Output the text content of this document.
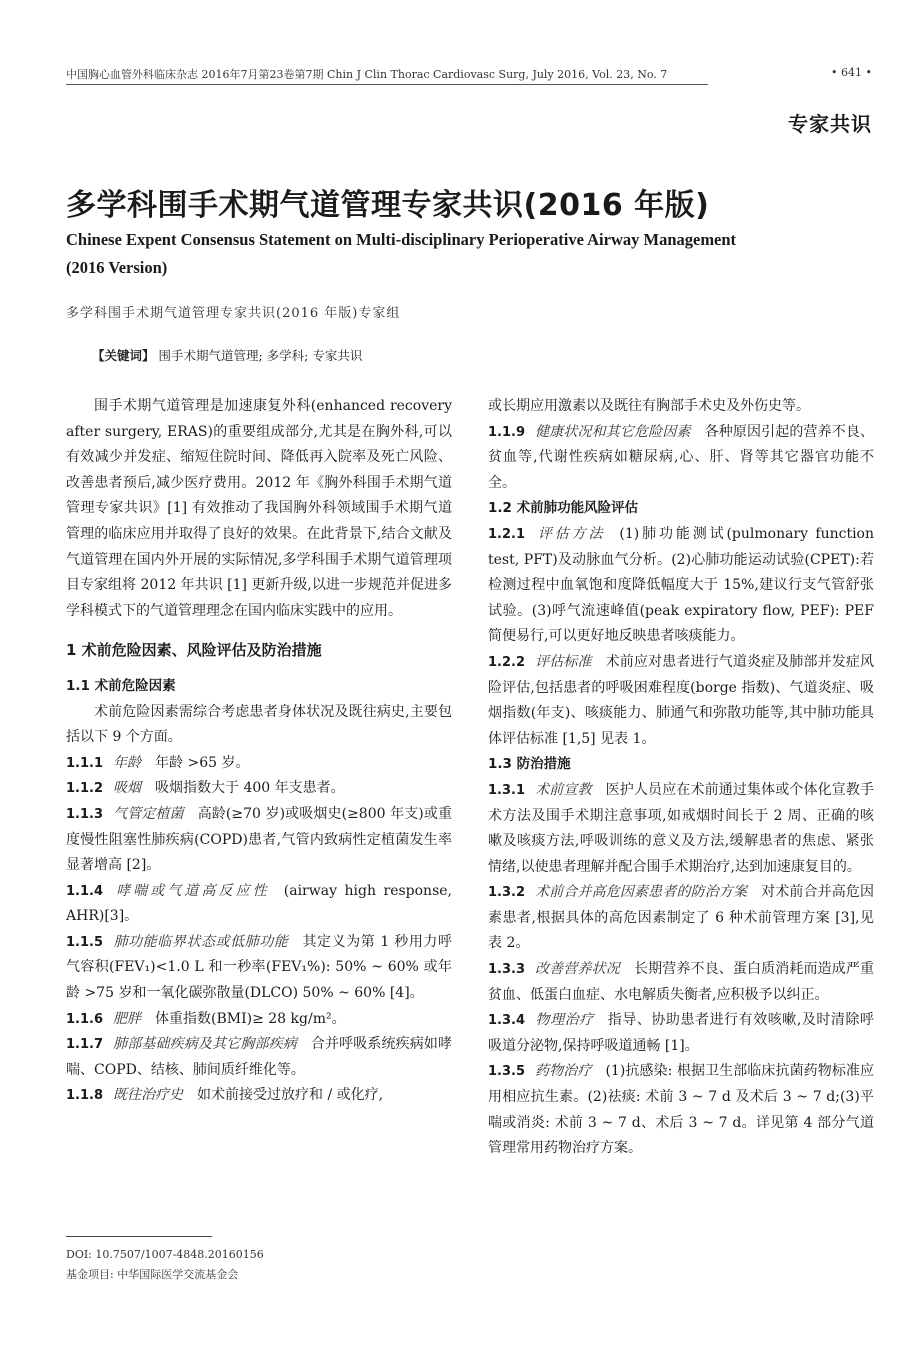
中国胸心血管外科临床杂志 2016年7月第23卷第7期 Chin J Clin Thorac Cardiovasc Surg, July 2016, Vol. 23, No. 7	• 641 •
专家共识
多学科围手术期气道管理专家共识(2016 年版)
Chinese Expent Consensus Statement on Multi-disciplinary Perioperative Airway Management (2016 Version)
多学科围手术期气道管理专家共识(2016 年版)专家组
【关键词】 围手术期气道管理; 多学科; 专家共识

围手术期气道管理是加速康复外科(enhanced recovery after surgery, ERAS)的重要组成部分,尤其是在胸外科,可以有效减少并发症、缩短住院时间、降低再入院率及死亡风险、改善患者预后,减少医疗费用。2012 年《胸外科围手术期气道管理专家共识》[1] 有效推动了我国胸外科领域围手术期气道管理的临床应用并取得了良好的效果。在此背景下,结合文献及气道管理在国内外开展的实际情况,多学科围手术期气道管理项目专家组将 2012 年共识 [1] 更新升级,以进一步规范并促进多学科模式下的气道管理理念在国内临床实践中的应用。

1 术前危险因素、风险评估及防治措施
1.1 术前危险因素

术前危险因素需综合考虑患者身体状况及既往病史,主要包括以下 9 个方面。

1.1.1 年龄 年龄 >65 岁。

1.1.2 吸烟 吸烟指数大于 400 年支患者。

1.1.3 气管定植菌 高龄(≥70 岁)或吸烟史(≥800 年支)或重度慢性阻塞性肺疾病(COPD)患者,气管内致病性定植菌发生率显著增高 [2]。

1.1.4 哮喘或气道高反应性 (airway high response, AHR)[3]。

1.1.5 肺功能临界状态或低肺功能 其定义为第 1 秒用力呼气容积(FEV₁)<1.0 L 和一秒率(FEV₁%): 50% ~ 60% 或年龄 >75 岁和一氧化碳弥散量(DLCO) 50% ~ 60% [4]。

1.1.6 肥胖 体重指数(BMI)≥ 28 kg/m²。

1.1.7 肺部基础疾病及其它胸部疾病 合并呼吸系统疾病如哮喘、COPD、结核、肺间质纤维化等。

1.1.8 既往治疗史 如术前接受过放疗和 / 或化疗,

或长期应用激素以及既往有胸部手术史及外伤史等。

1.1.9 健康状况和其它危险因素 各种原因引起的营养不良、贫血等,代谢性疾病如糖尿病,心、肝、肾等其它器官功能不全。

1.2 术前肺功能风险评估

1.2.1 评估方法 (1)肺功能测试(pulmonary function test, PFT)及动脉血气分析。(2)心肺功能运动试验(CPET):若检测过程中血氧饱和度降低幅度大于 15%,建议行支气管舒张试验。(3)呼气流速峰值(peak expiratory flow, PEF): PEF 简便易行,可以更好地反映患者咳痰能力。

1.2.2 评估标准 术前应对患者进行气道炎症及肺部并发症风险评估,包括患者的呼吸困难程度(borge 指数)、气道炎症、吸烟指数(年支)、咳痰能力、肺通气和弥散功能等,其中肺功能具体评估标准 [1,5] 见表 1。

1.3 防治措施

1.3.1 术前宣教 医护人员应在术前通过集体或个体化宣教手术方法及围手术期注意事项,如戒烟时间长于 2 周、正确的咳嗽及咳痰方法,呼吸训练的意义及方法,缓解患者的焦虑、紧张情绪,以使患者理解并配合围手术期治疗,达到加速康复目的。

1.3.2 术前合并高危因素患者的防治方案 对术前合并高危因素患者,根据具体的高危因素制定了 6 种术前管理方案 [3],见表 2。

1.3.3 改善营养状况 长期营养不良、蛋白质消耗而造成严重贫血、低蛋白血症、水电解质失衡者,应积极予以纠正。

1.3.4 物理治疗 指导、协助患者进行有效咳嗽,及时清除呼吸道分泌物,保持呼吸道通畅 [1]。

1.3.5 药物治疗 (1)抗感染: 根据卫生部临床抗菌药物标准应用相应抗生素。(2)祛痰: 术前 3 ~ 7 d 及术后 3 ~ 7 d;(3)平喘或消炎: 术前 3 ~ 7 d、术后 3 ~ 7 d。详见第 4 部分气道管理常用药物治疗方案。

DOI: 10.7507/1007-4848.20160156
基金项目: 中华国际医学交流基金会
